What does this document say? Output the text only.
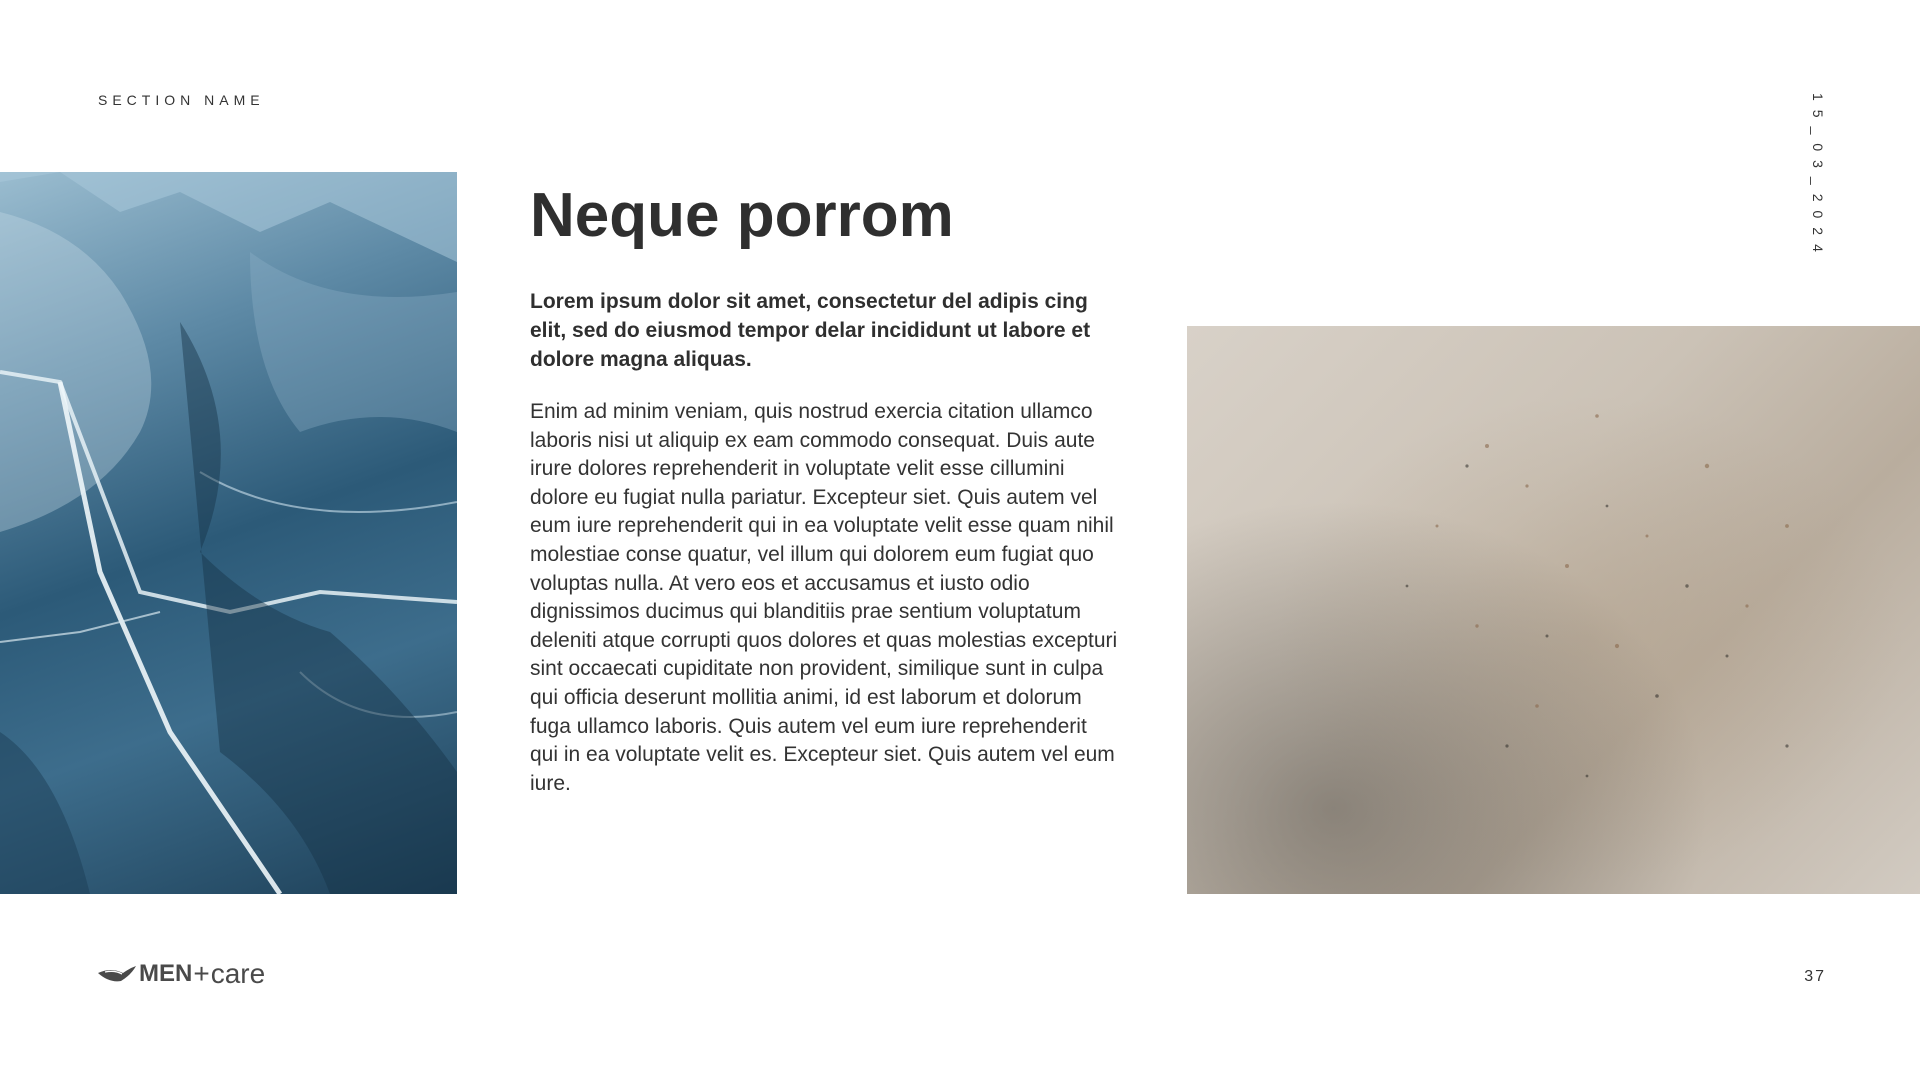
SECTION NAME	15_03_2024
Neque porrom

Lorem ipsum dolor sit amet, consectetur del adipis cing elit, sed do eiusmod tempor delar incididunt ut labore et dolore magna aliquas.

Enim ad minim veniam, quis nostrud exercia citation ullamco laboris nisi ut aliquip ex eam commodo consequat. Duis aute irure dolores reprehenderit in voluptate velit esse cillumini dolore eu fugiat nulla pariatur. Excepteur siet. Quis autem vel eum iure reprehenderit qui in ea voluptate velit esse quam nihil molestiae conse quatur, vel illum qui dolorem eum fugiat quo voluptas nulla. At vero eos et accusamus et iusto odio dignissimos ducimus qui blanditiis prae sentium voluptatum deleniti atque corrupti quos dolores et quas molestias excepturi sint occaecati cupiditate non provident, similique sunt in culpa qui officia deserunt mollitia animi, id est laborum et dolorum fuga ullamco laboris. Quis autem vel eum iure reprehenderit qui in ea voluptate velit es. Excepteur siet. Quis autem vel eum iure.

MEN + care	37
